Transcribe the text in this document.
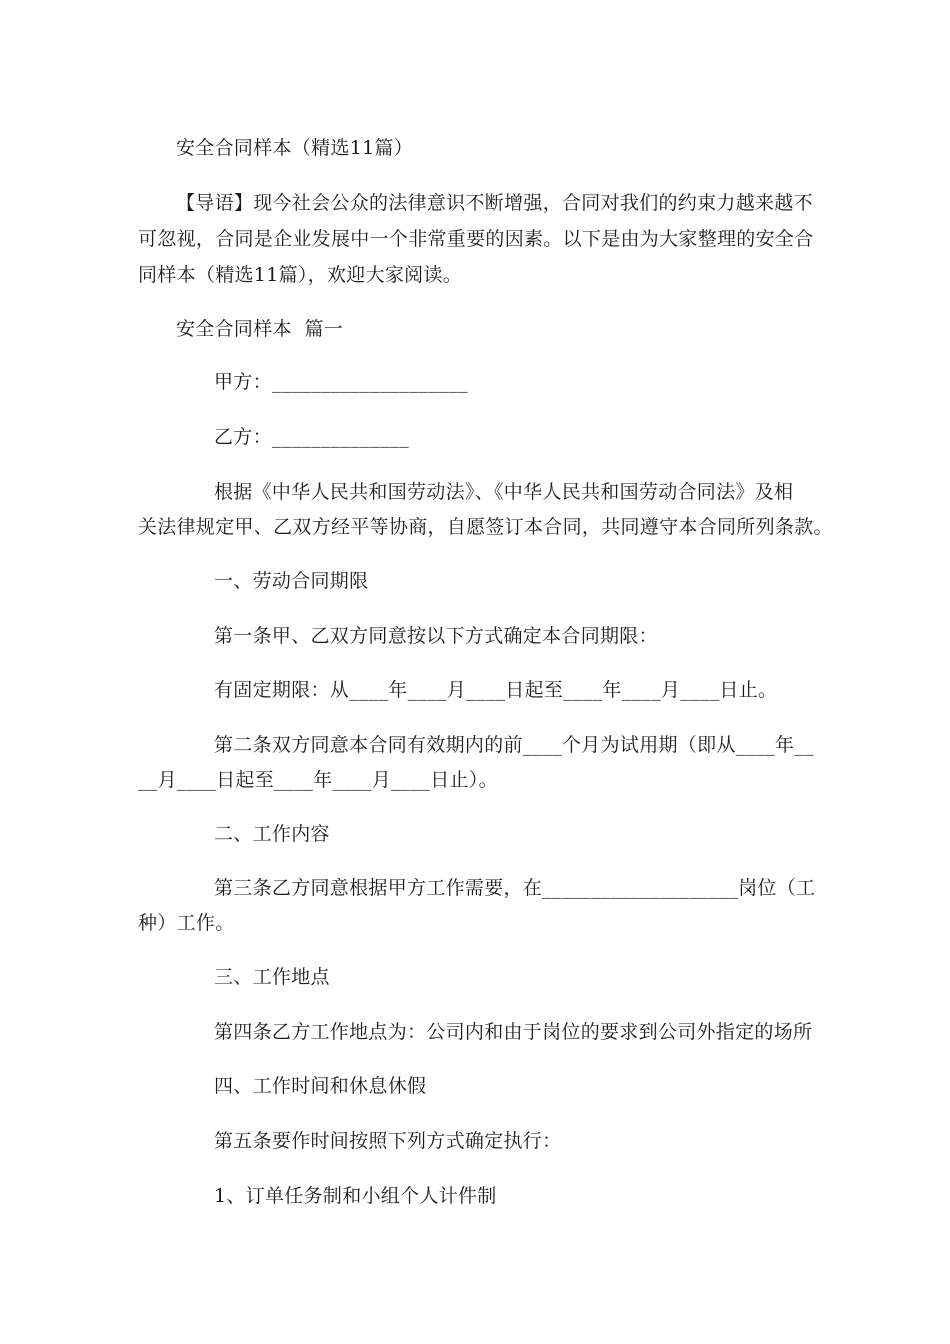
安全合同样本（精选11篇）
【导语】现今社会公众的法律意识不断增强，合同对我们的约束力越来越不
可忽视，合同是企业发展中一个非常重要的因素。以下是由为大家整理的安全合
同样本（精选11篇），欢迎大家阅读。
安全合同样本  篇一
甲方：____________________
乙方：______________
根据《中华人民共和国劳动法》、《中华人民共和国劳动合同法》及相
关法律规定甲、乙双方经平等协商，自愿签订本合同，共同遵守本合同所列条款。
一、劳动合同期限
第一条甲、乙双方同意按以下方式确定本合同期限：
有固定期限：从____年____月____日起至____年____月____日止。
第二条双方同意本合同有效期内的前____个月为试用期（即从____年__
__月____日起至____年____月____日止）。
二、工作内容
第三条乙方同意根据甲方工作需要，在____________________岗位（工
种）工作。
三、工作地点
第四条乙方工作地点为：公司内和由于岗位的要求到公司外指定的场所
四、工作时间和休息休假
第五条要作时间按照下列方式确定执行：
1、订单任务制和小组个人计件制
